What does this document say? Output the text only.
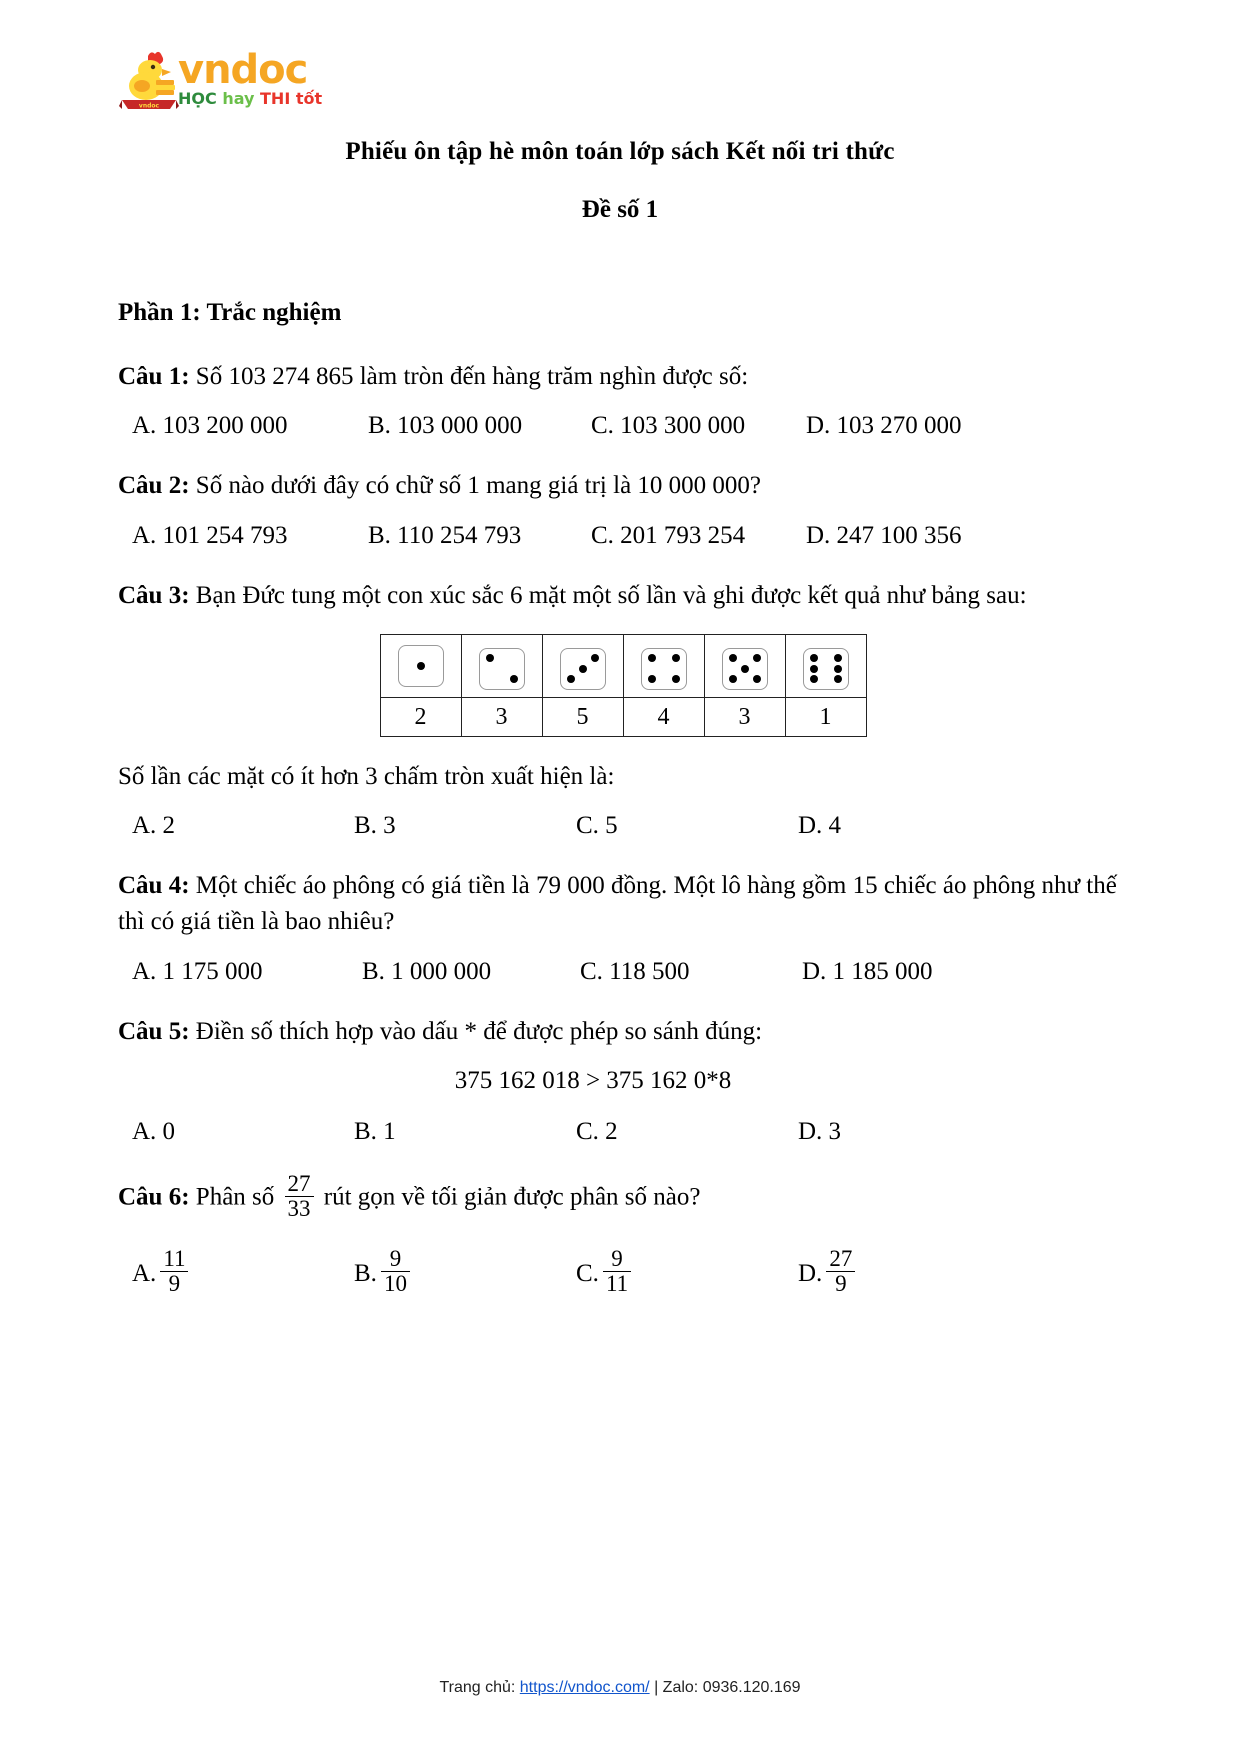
vndoc
vndoc
HỌC hay THI tốt
Phiếu ôn tập hè môn toán lớp sách Kết nối tri thức
Đề số 1
Phần 1: Trắc nghiệm

Câu 1: Số 103 274 865 làm tròn đến hàng trăm nghìn được số:

A. 103 200 000	B. 103 000 000	C. 103 300 000	D. 103 270 000

Câu 2: Số nào dưới đây có chữ số 1 mang giá trị là 10 000 000?

A. 101 254 793	B. 110 254 793	C. 201 793 254	D. 247 100 356

Câu 3: Bạn Đức tung một con xúc sắc 6 mặt một số lần và ghi được kết quả như bảng sau:

2	3	5	4	3	1

Số lần các mặt có ít hơn 3 chấm tròn xuất hiện là:

A. 2	B. 3	C. 5	D. 4

Câu 4: Một chiếc áo phông có giá tiền là 79 000 đồng. Một lô hàng gồm 15 chiếc áo phông như thế thì có giá tiền là bao nhiêu?

A. 1 175 000	B. 1 000 000	C. 118 500	D. 1 185 000

Câu 5: Điền số thích hợp vào dấu * để được phép so sánh đúng:

375 162 018 > 375 162 0*8
A. 0	B. 1	C. 2	D. 3

Câu 6: Phân số $\frac{27}{33}$ rút gọn về tối giản được phân số nào?

A. $\frac{11}{9}$	B. $\frac{9}{10}$	C. $\frac{9}{11}$	D. $\frac{27}{9}$
Trang chủ: https://vndoc.com/ | Zalo: 0936.120.169
